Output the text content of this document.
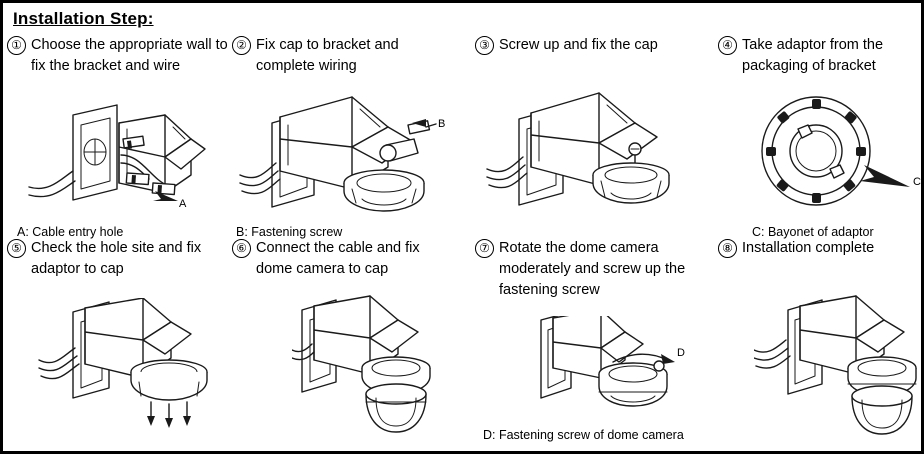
Installation Step:
① Choose the appropriate wall to fix the bracket and wire
A
A: Cable entry hole
② Fix cap to bracket and complete wiring
B
B: Fastening screw
③ Screw up and fix the cap	④ Take adaptor from the packaging of bracket
C
C: Bayonet of adaptor
⑤ Check the hole site and fix adaptor to cap
⑥ Connect the cable and fix dome camera to cap
⑦ Rotate the dome camera moderately and screw up the fastening screw
D
D: Fastening screw of dome camera
⑧ Installation complete
